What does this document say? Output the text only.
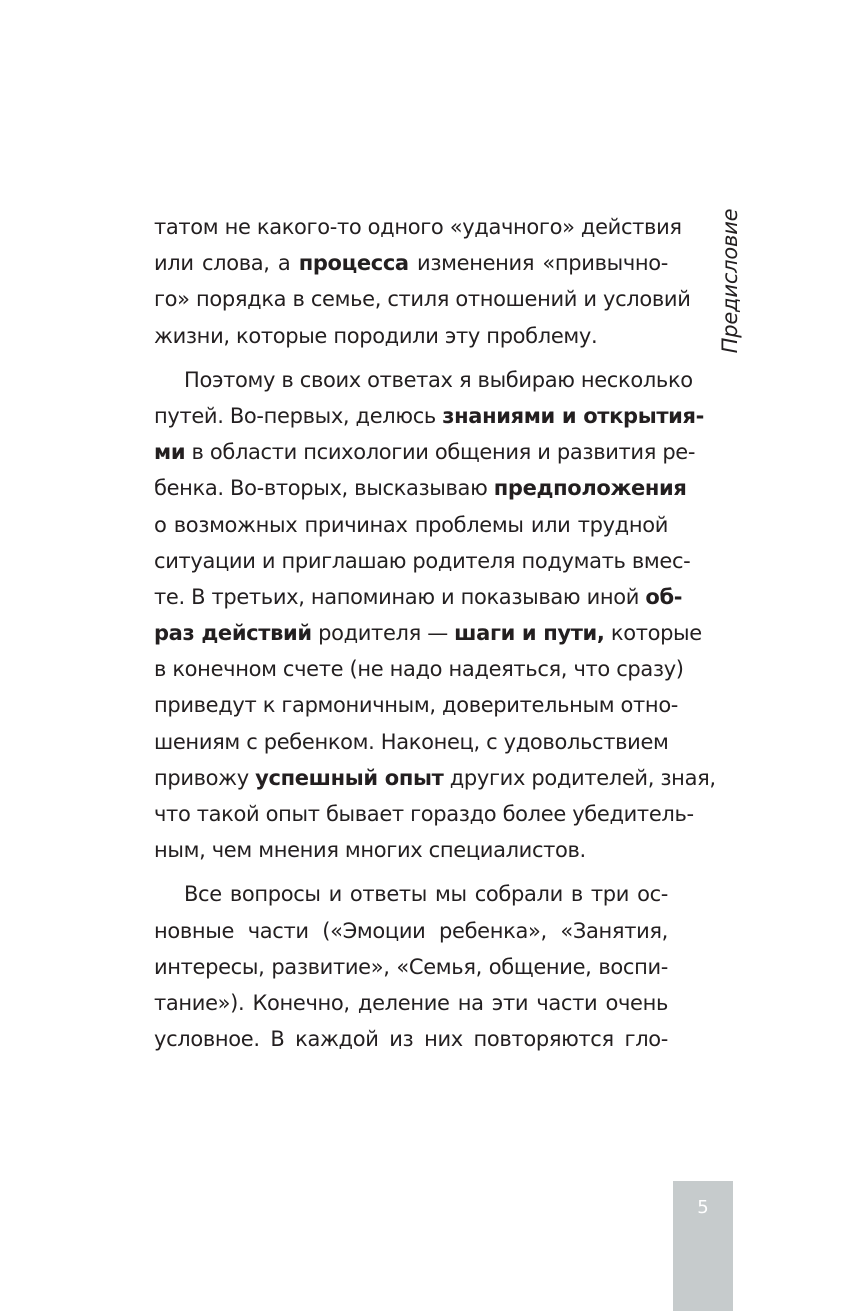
татом не какого-то одного «удачного» действия
или слова, а процесса изменения «привычно-
го» порядка в семье, стиля отношений и условий
жизни, которые породили эту проблему.
Поэтому в своих ответах я выбираю несколько
путей. Во-первых, делюсь знаниями и открытия-
ми в области психологии общения и развития ре-
бенка. Во-вторых, высказываю предположения
о возможных причинах проблемы или трудной
ситуации и приглашаю родителя подумать вмес-
те. В третьих, напоминаю и показываю иной об-
раз действий родителя — шаги и пути, которые
в конечном счете (не надо надеяться, что сразу)
приведут к гармоничным, доверительным отно-
шениям с ребенком. Наконец, с удовольствием
привожу успешный опыт других родителей, зная,
что такой опыт бывает гораздо более убедитель-
ным, чем мнения многих специалистов.
Все вопросы и ответы мы собрали в три ос-
новные части («Эмоции ребенка», «Занятия,
интересы, развитие», «Семья, общение, воспи-
тание»). Конечно, деление на эти части очень
условное. В каждой из них повторяются гло-
Предисловие
5
